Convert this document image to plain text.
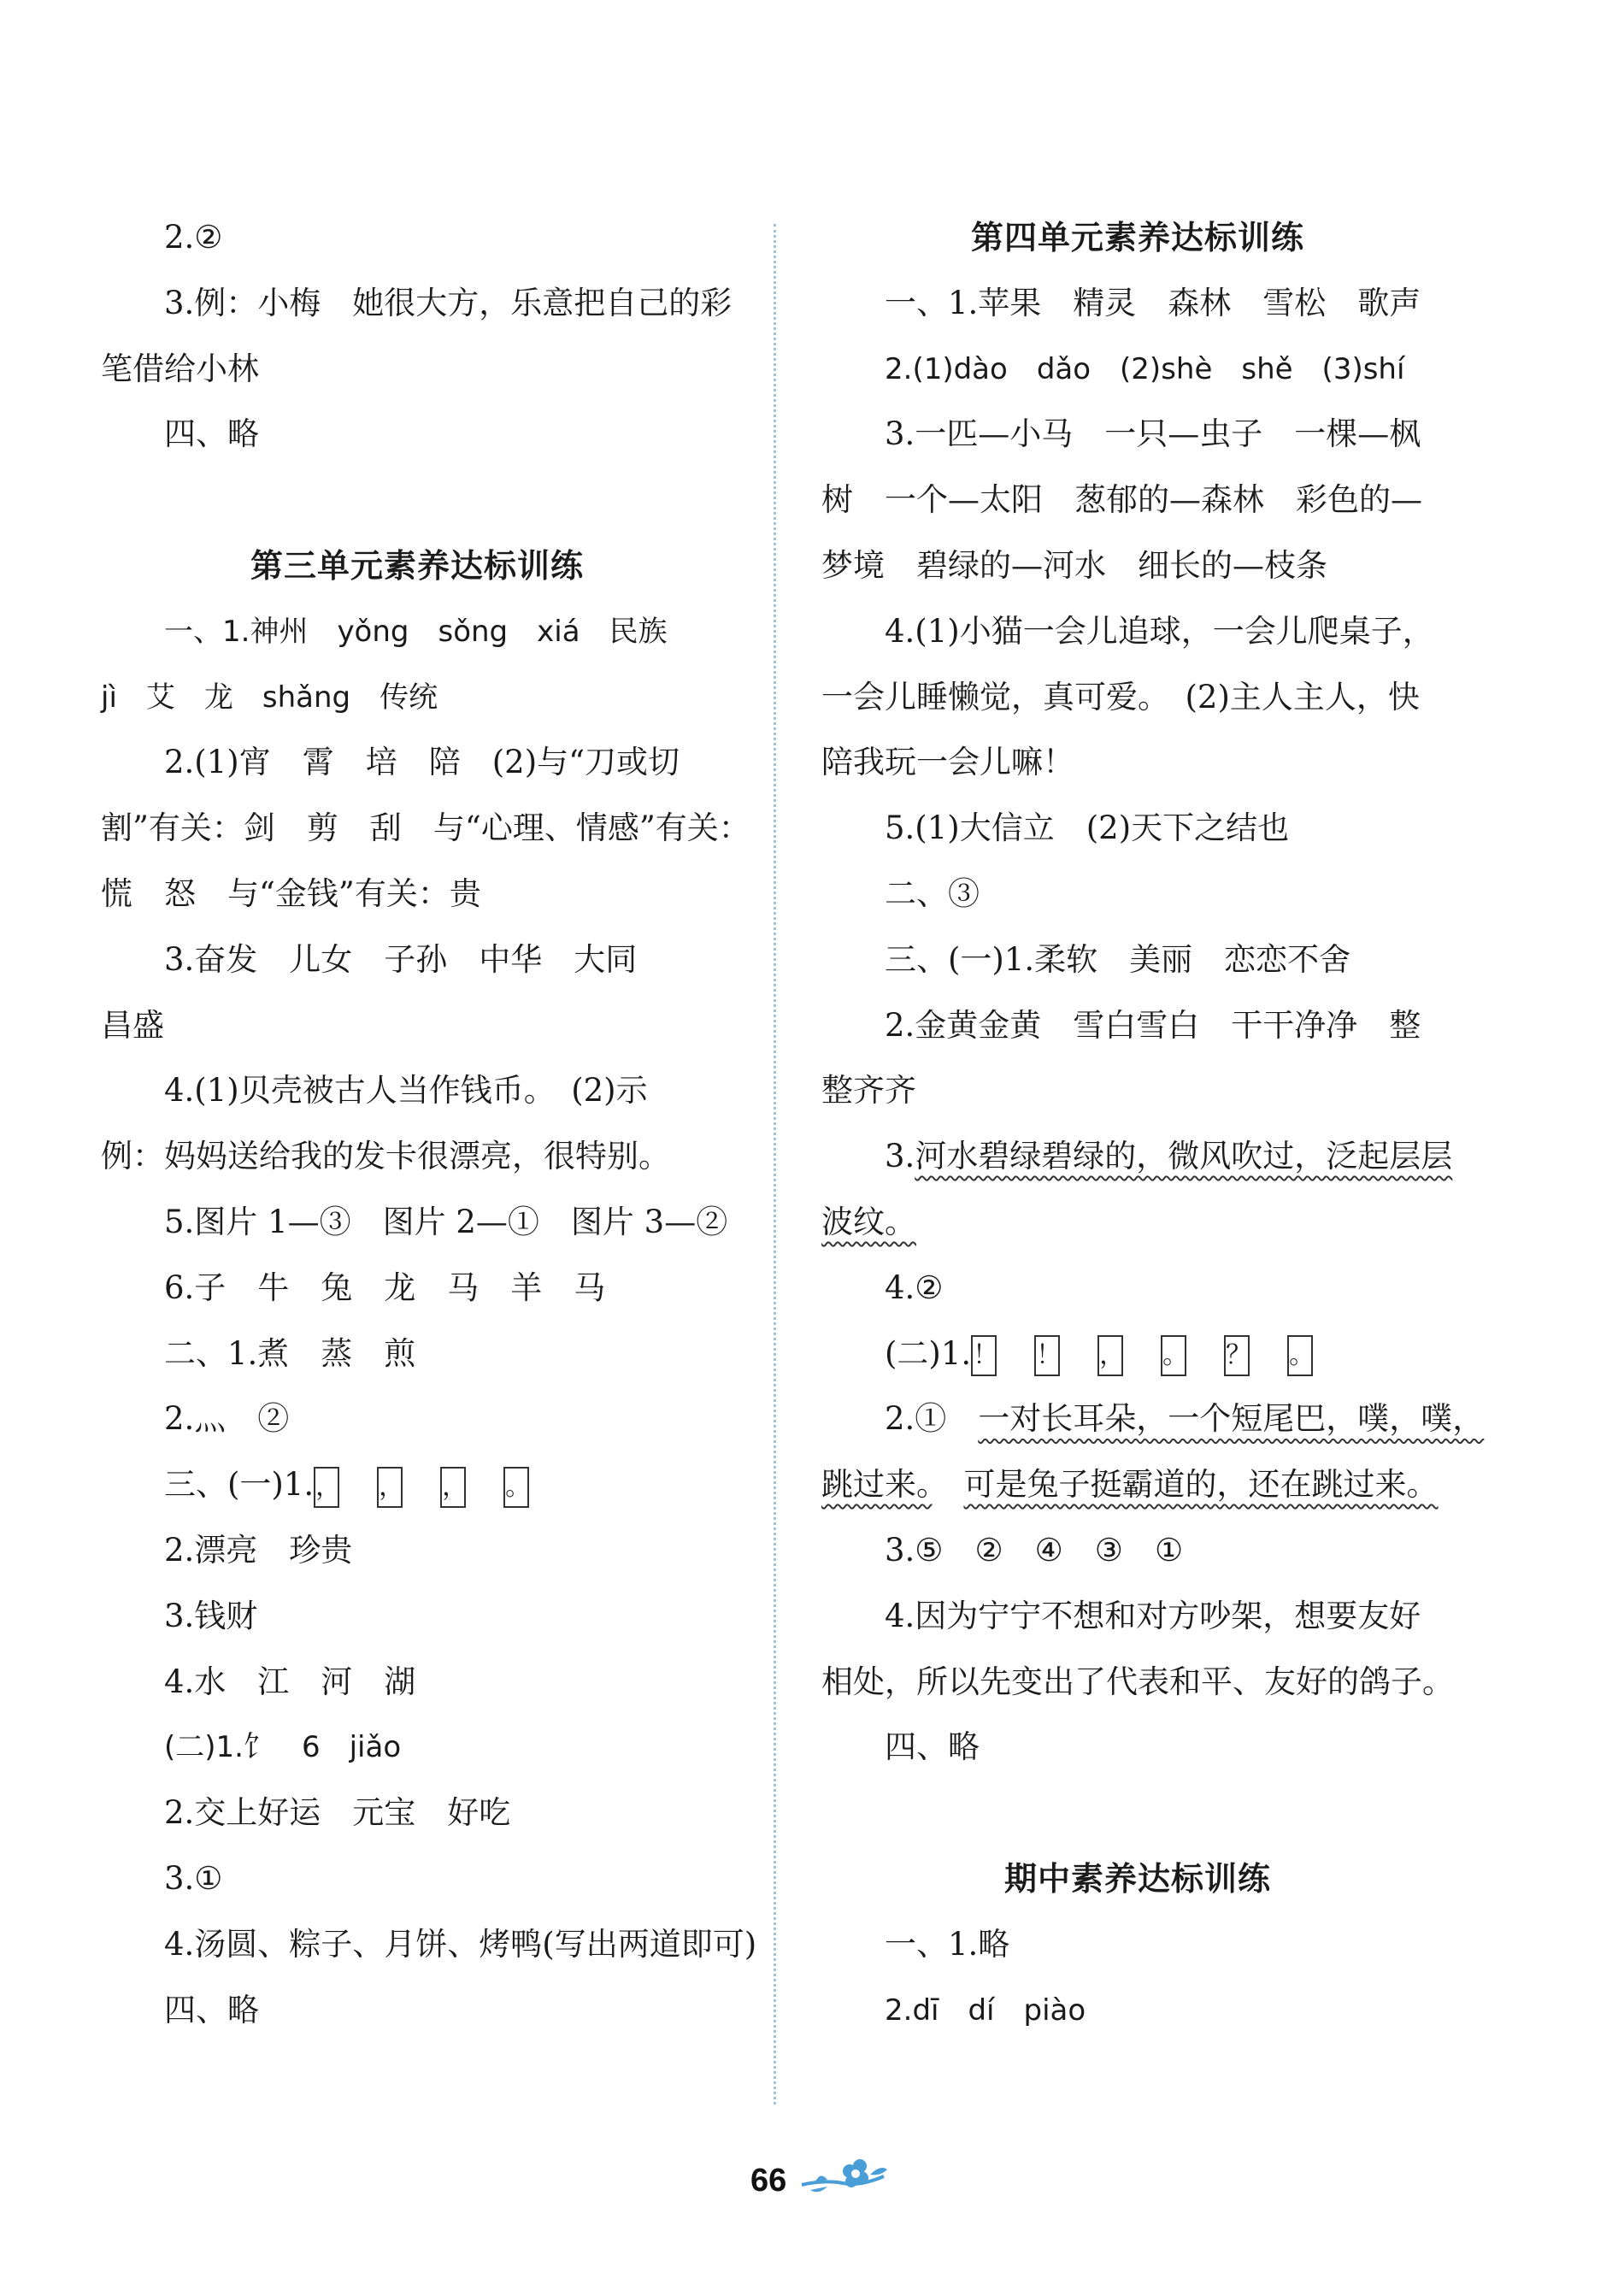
2.②
3.例：小梅　她很大方，乐意把自己的彩
笔借给小林
四、略
第三单元素养达标训练
一、1.神州　yǒng　sǒng　xiá　民族
jì　艾　龙　shǎng　传统
2.(1)宵　霄　培　陪　(2)与“刀或切
割”有关：剑　剪　刮　与“心理、情感”有关：
慌　怒　与“金钱”有关：贵
3.奋发　儿女　子孙　中华　大同
昌盛
4.(1)贝壳被古人当作钱币。　(2)示
例：妈妈送给我的发卡很漂亮，很特别。
5.图片 1—③　图片 2—①　图片 3—②
6.子　牛　兔　龙　马　羊　马
二、1.煮　蒸　煎
2.灬　②
三、(一)1.， ， ， 。
2.漂亮　珍贵
3.钱财
4.水　江　河　湖
(二)1.饣　6　jiǎo
2.交上好运　元宝　好吃
3.①
4.汤圆、粽子、月饼、烤鸭(写出两道即可)
四、略
第四单元素养达标训练
一、1.苹果　精灵　森林　雪松　歌声
2.(1)dào　dǎo　(2)shè　shě　(3)shí
3.一匹—小马　一只—虫子　一棵—枫
树　一个—太阳　葱郁的—森林　彩色的—
梦境　碧绿的—河水　细长的—枝条
4.(1)小猫一会儿追球，一会儿爬桌子，
一会儿睡懒觉，真可爱。　(2)主人主人，快
陪我玩一会儿嘛！
5.(1)大信立　(2)天下之结也
二、③
三、(一)1.柔软　美丽　恋恋不舍
2.金黄金黄　雪白雪白　干干净净　整
整齐齐
3.河水碧绿碧绿的，微风吹过，泛起层层
波纹。
4.②
(二)1.！ ！ ， 。 ？ 。
2.①　一对长耳朵，一个短尾巴，噗，噗，
跳过来。　 可是兔子挺霸道的，还在跳过来。
3.⑤　②　④　③　①
4.因为宁宁不想和对方吵架，想要友好
相处，所以先变出了代表和平、友好的鸽子。
四、略
期中素养达标训练
一、1.略
2.dī　dí　piào
66
